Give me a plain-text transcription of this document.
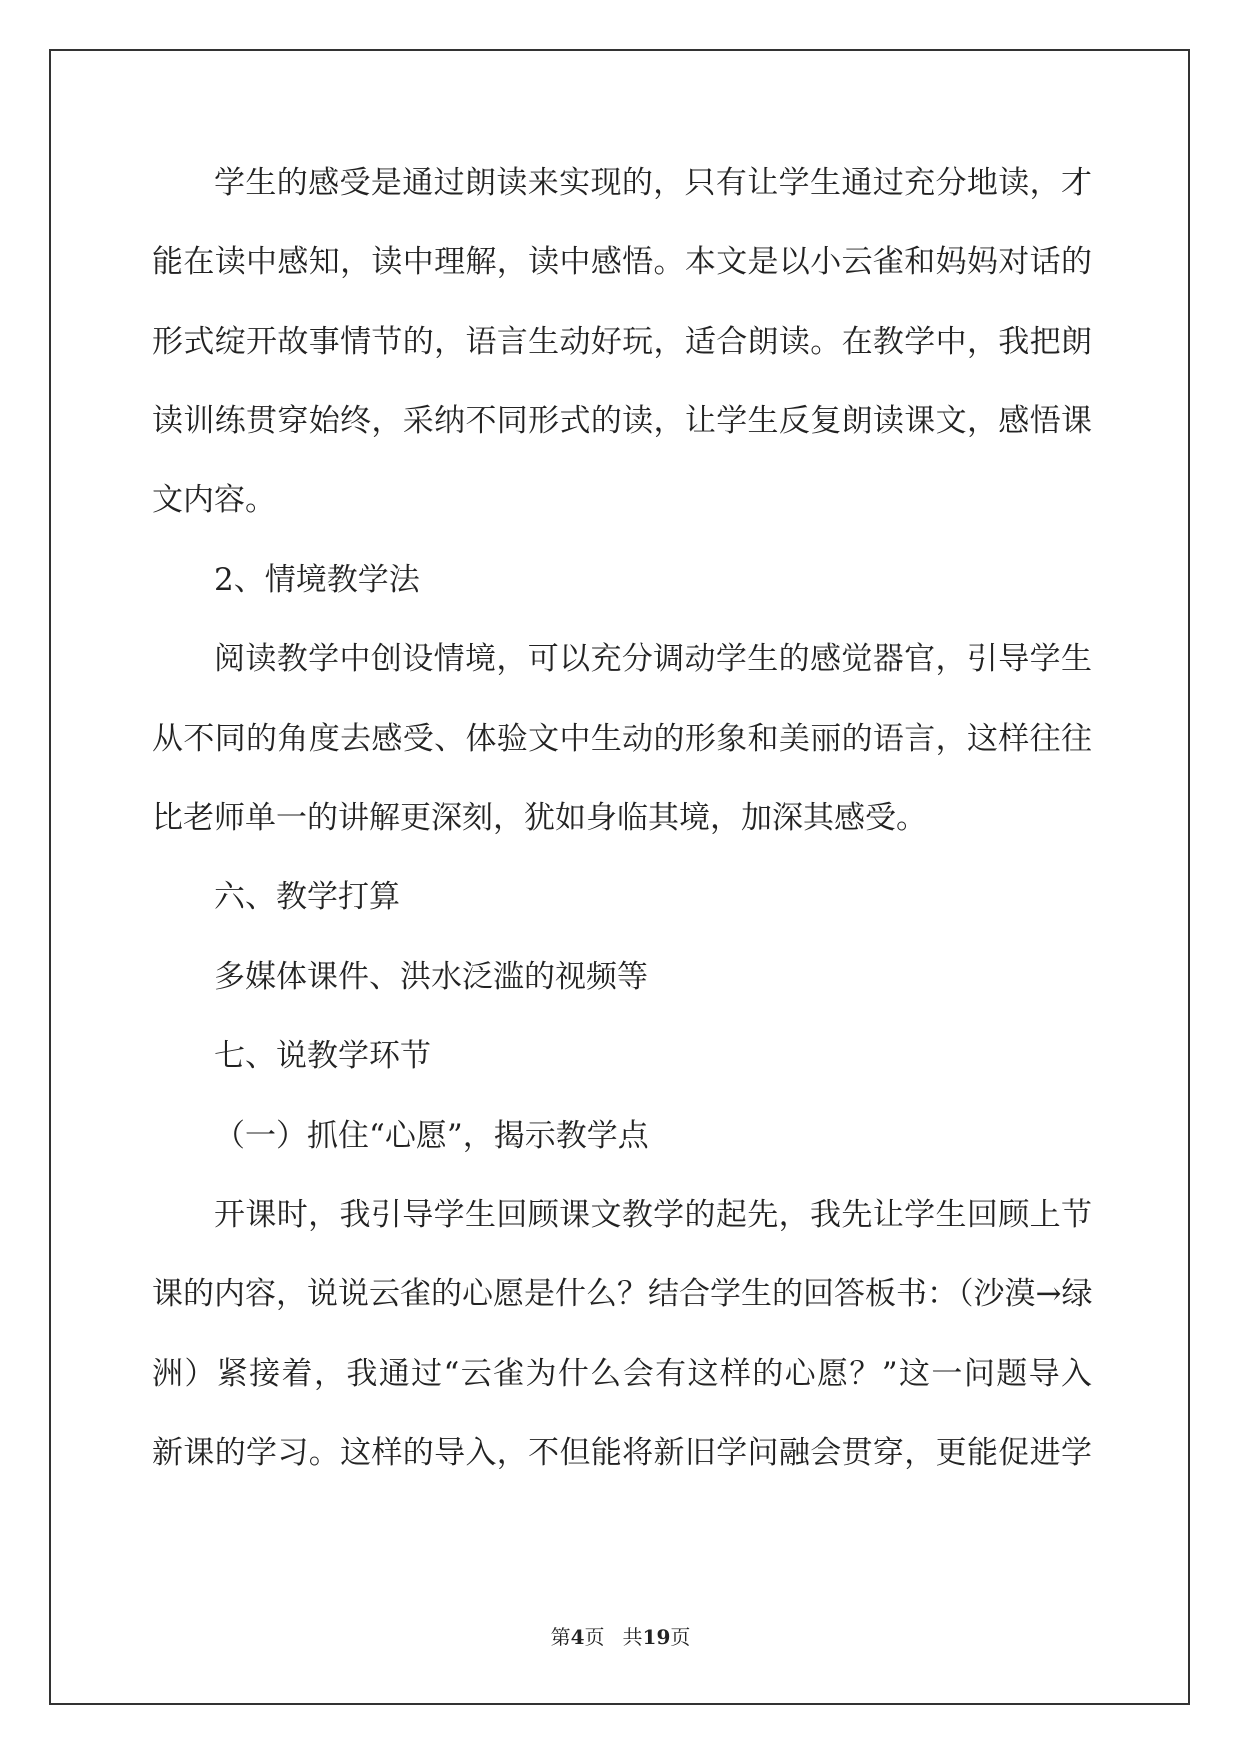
学生的感受是通过朗读来实现的，只有让学生通过充分地读，才
能在读中感知，读中理解，读中感悟。本文是以小云雀和妈妈对话的
形式绽开故事情节的，语言生动好玩，适合朗读。在教学中，我把朗
读训练贯穿始终，采纳不同形式的读，让学生反复朗读课文，感悟课
文内容。
2、情境教学法
阅读教学中创设情境，可以充分调动学生的感觉器官，引导学生
从不同的角度去感受、体验文中生动的形象和美丽的语言，这样往往
比老师单一的讲解更深刻，犹如身临其境，加深其感受。
六、教学打算
多媒体课件、洪水泛滥的视频等
七、说教学环节
（一）抓住“心愿”，揭示教学点
开课时，我引导学生回顾课文教学的起先，我先让学生回顾上节
课的内容，说说云雀的心愿是什么？结合学生的回答板书：（沙漠→绿
洲）紧接着，我通过“云雀为什么会有这样的心愿？”这一问题导入
新课的学习。这样的导入，不但能将新旧学问融会贯穿，更能促进学
第4页 共19页
